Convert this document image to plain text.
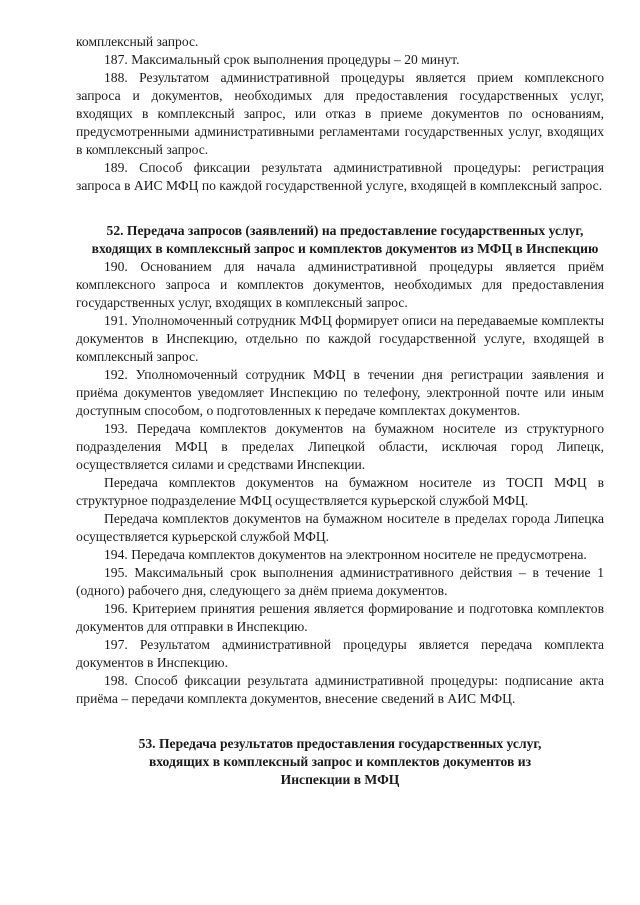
комплексный запрос.

187. Максимальный срок выполнения процедуры – 20 минут.

188. Результатом административной процедуры является прием комплексного запроса и документов, необходимых для предоставления государственных услуг, входящих в комплексный запрос, или отказ в приеме документов по основаниям, предусмотренными административными регламентами государственных услуг, входящих в комплексный запрос.

189. Способ фиксации результата административной процедуры: регистрация запроса в АИС МФЦ по каждой государственной услуге, входящей в комплексный запрос.

52. Передача запросов (заявлений) на предоставление государственных услуг, входящих в комплексный запрос и комплектов документов из МФЦ в Инспекцию

190. Основанием для начала административной процедуры является приём комплексного запроса и комплектов документов, необходимых для предоставления государственных услуг, входящих в комплексный запрос.

191. Уполномоченный сотрудник МФЦ формирует описи на передаваемые комплекты документов в Инспекцию, отдельно по каждой государственной услуге, входящей в комплексный запрос.

192. Уполномоченный сотрудник МФЦ в течении дня регистрации заявления и приёма документов уведомляет Инспекцию по телефону, электронной почте или иным доступным способом, о подготовленных к передаче комплектах документов.

193. Передача комплектов документов на бумажном носителе из структурного подразделения МФЦ в пределах Липецкой области, исключая город Липецк, осуществляется силами и средствами Инспекции.

Передача комплектов документов на бумажном носителе из ТОСП МФЦ в структурное подразделение МФЦ осуществляется курьерской службой МФЦ.

Передача комплектов документов на бумажном носителе в пределах города Липецка осуществляется курьерской службой МФЦ.

194. Передача комплектов документов на электронном носителе не предусмотрена.

195. Максимальный срок выполнения административного действия – в течение 1 (одного) рабочего дня, следующего за днём приема документов.

196. Критерием принятия решения является формирование и подготовка комплектов документов для отправки в Инспекцию.

197. Результатом административной процедуры является передача комплекта документов в Инспекцию.

198. Способ фиксации результата административной процедуры: подписание акта приёма – передачи комплекта документов, внесение сведений в АИС МФЦ.

53. Передача результатов предоставления государственных услуг, входящих в комплексный запрос и комплектов документов из Инспекции в МФЦ
